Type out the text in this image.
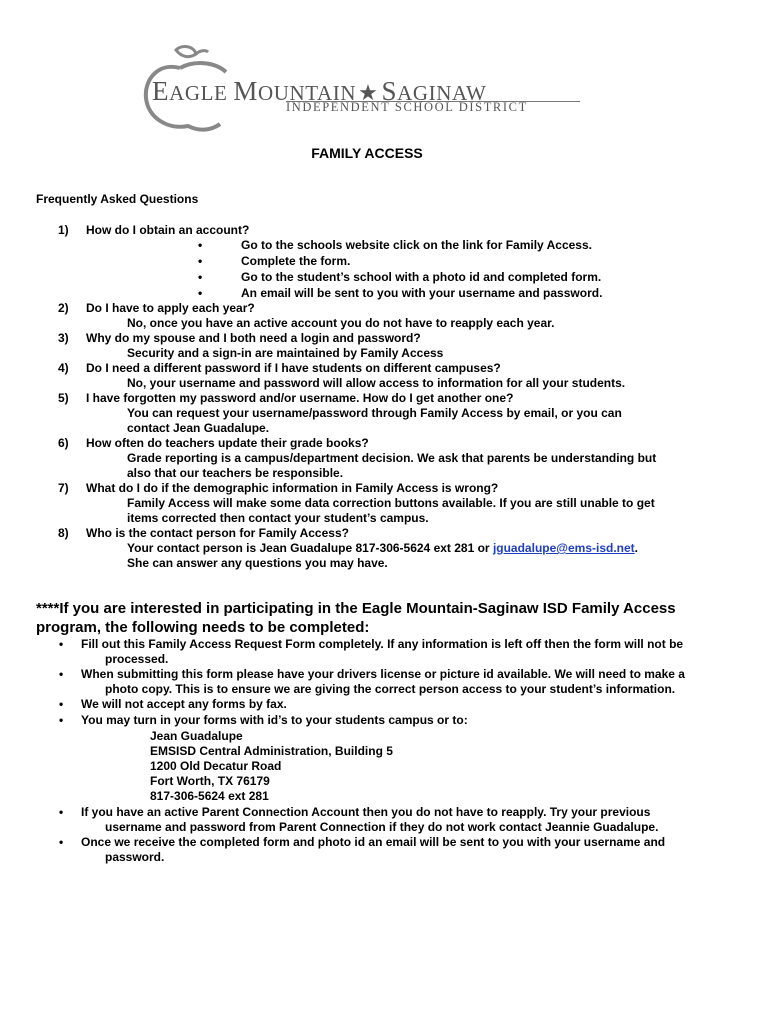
EAGLE MOUNTAIN★ SAGINAW
INDEPENDENT SCHOOL DISTRICT
FAMILY ACCESS
Frequently Asked Questions
1) How do I obtain an account?
•	Go to the schools website click on the link for Family Access.
•	Complete the form.
•	Go to the student’s school with a photo id and completed form.
•	An email will be sent to you with your username and password.
2) Do I have to apply each year?
No, once you have an active account you do not have to reapply each year.
3) Why do my spouse and I both need a login and password?
Security and a sign-in are maintained by Family Access
4) Do I need a different password if I have students on different campuses?
No, your username and password will allow access to information for all your students.
5) I have forgotten my password and/or username. How do I get another one?
You can request your username/password through Family Access by email, or you can
contact Jean Guadalupe.
6) How often do teachers update their grade books?
Grade reporting is a campus/department decision. We ask that parents be understanding but
also that our teachers be responsible.
7) What do I do if the demographic information in Family Access is wrong?
Family Access will make some data correction buttons available. If you are still unable to get
items corrected then contact your student’s campus.
8) Who is the contact person for Family Access?
Your contact person is Jean Guadalupe 817-306-5624 ext 281 or jguadalupe@ems-isd.net.
She can answer any questions you may have.
****If you are interested in participating in the Eagle Mountain-Saginaw ISD Family Access
program, the following needs to be completed:
• Fill out this Family Access Request Form completely. If any information is left off then the form will not be
processed.
• When submitting this form please have your drivers license or picture id available. We will need to make a
photo copy. This is to ensure we are giving the correct person access to your student’s information.
• We will not accept any forms by fax.
• You may turn in your forms with id’s to your students campus or to:
Jean Guadalupe
EMSISD Central Administration, Building 5
1200 Old Decatur Road
Fort Worth, TX 76179
817-306-5624 ext 281
• If you have an active Parent Connection Account then you do not have to reapply. Try your previous
username and password from Parent Connection if they do not work contact Jeannie Guadalupe.
• Once we receive the completed form and photo id an email will be sent to you with your username and
password.
